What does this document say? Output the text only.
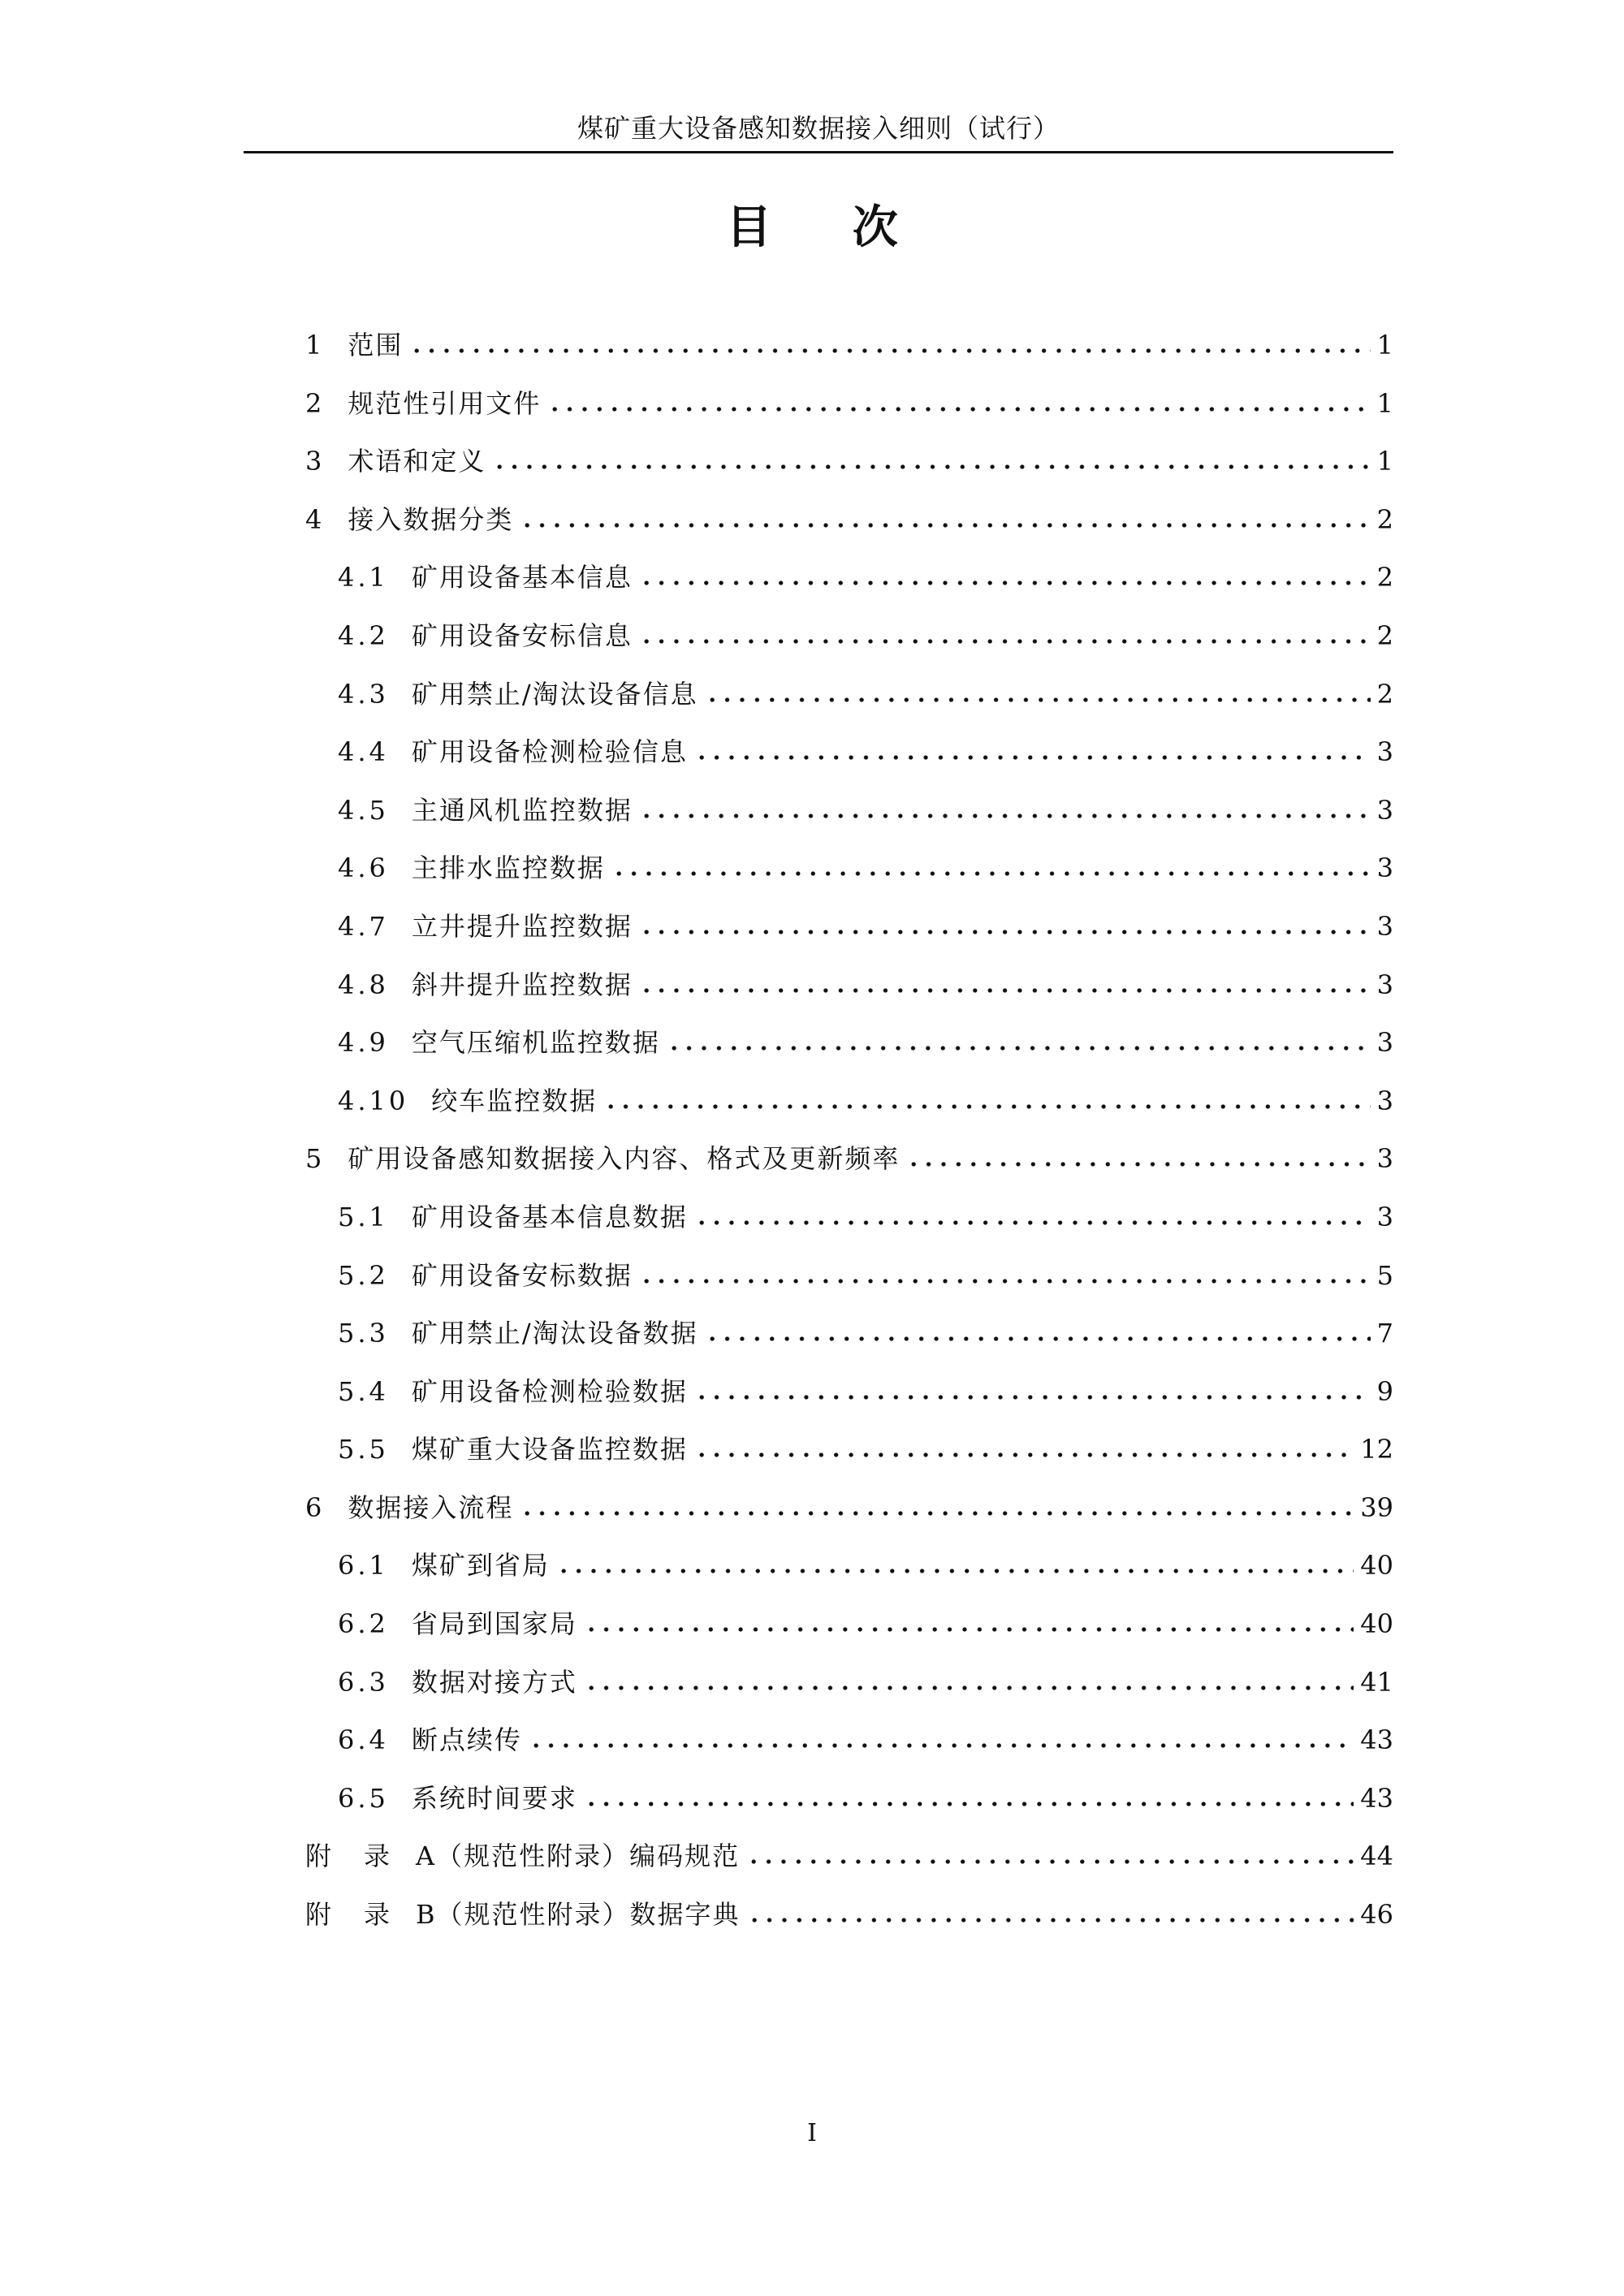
煤矿重大设备感知数据接入细则（试行）
目 次
1 范围	1
2 规范性引用文件	1
3 术语和定义	1
4 接入数据分类	2
4.1 矿用设备基本信息	2
4.2 矿用设备安标信息	2
4.3 矿用禁止/淘汰设备信息	2
4.4 矿用设备检测检验信息	3
4.5 主通风机监控数据	3
4.6 主排水监控数据	3
4.7 立井提升监控数据	3
4.8 斜井提升监控数据	3
4.9 空气压缩机监控数据	3
4.10 绞车监控数据	3
5 矿用设备感知数据接入内容、格式及更新频率	3
5.1 矿用设备基本信息数据	3
5.2 矿用设备安标数据	5
5.3 矿用禁止/淘汰设备数据	7
5.4 矿用设备检测检验数据	9
5.5 煤矿重大设备监控数据	12
6 数据接入流程	39
6.1 煤矿到省局	40
6.2 省局到国家局	40
6.3 数据对接方式	41
6.4 断点续传	43
6.5 系统时间要求	43
附　录 A（规范性附录）编码规范	44
附　录 B（规范性附录）数据字典	46
I
